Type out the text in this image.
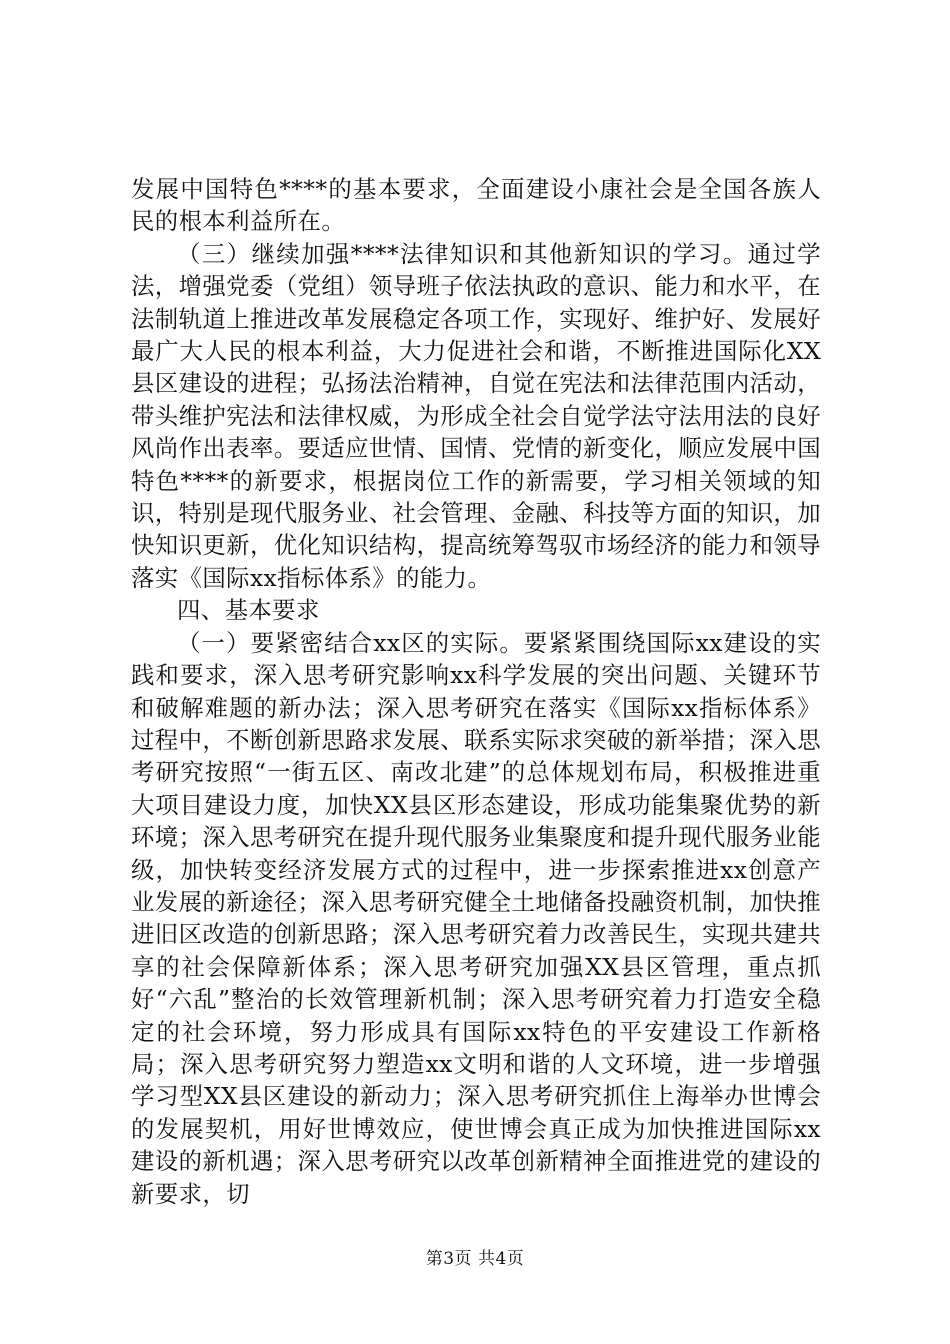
发展中国特色****的基本要求，全面建设小康社会是全国各族人民的根本利益所在。

（三）继续加强****法律知识和其他新知识的学习。通过学法，增强党委（党组）领导班子依法执政的意识、能力和水平，在法制轨道上推进改革发展稳定各项工作，实现好、维护好、发展好最广大人民的根本利益，大力促进社会和谐，不断推进国际化XX县区建设的进程；弘扬法治精神，自觉在宪法和法律范围内活动，带头维护宪法和法律权威，为形成全社会自觉学法守法用法的良好风尚作出表率。要适应世情、国情、党情的新变化，顺应发展中国特色****的新要求，根据岗位工作的新需要，学习相关领域的知识，特别是现代服务业、社会管理、金融、科技等方面的知识，加快知识更新，优化知识结构，提高统筹驾驭市场经济的能力和领导落实《国际xx指标体系》的能力。

四、基本要求

（一）要紧密结合xx区的实际。要紧紧围绕国际xx建设的实践和要求，深入思考研究影响xx科学发展的突出问题、关键环节和破解难题的新办法；深入思考研究在落实《国际xx指标体系》过程中，不断创新思路求发展、联系实际求突破的新举措；深入思考研究按照“一街五区、南改北建”的总体规划布局，积极推进重大项目建设力度，加快XX县区形态建设，形成功能集聚优势的新环境；深入思考研究在提升现代服务业集聚度和提升现代服务业能级，加快转变经济发展方式的过程中，进一步探索推进xx创意产业发展的新途径；深入思考研究健全土地储备投融资机制，加快推进旧区改造的创新思路；深入思考研究着力改善民生，实现共建共享的社会保障新体系；深入思考研究加强XX县区管理，重点抓好“六乱”整治的长效管理新机制；深入思考研究着力打造安全稳定的社会环境，努力形成具有国际xx特色的平安建设工作新格局；深入思考研究努力塑造xx文明和谐的人文环境，进一步增强学习型XX县区建设的新动力；深入思考研究抓住上海举办世博会的发展契机，用好世博效应，使世博会真正成为加快推进国际xx建设的新机遇；深入思考研究以改革创新精神全面推进党的建设的新要求，切

第3页 共4页
